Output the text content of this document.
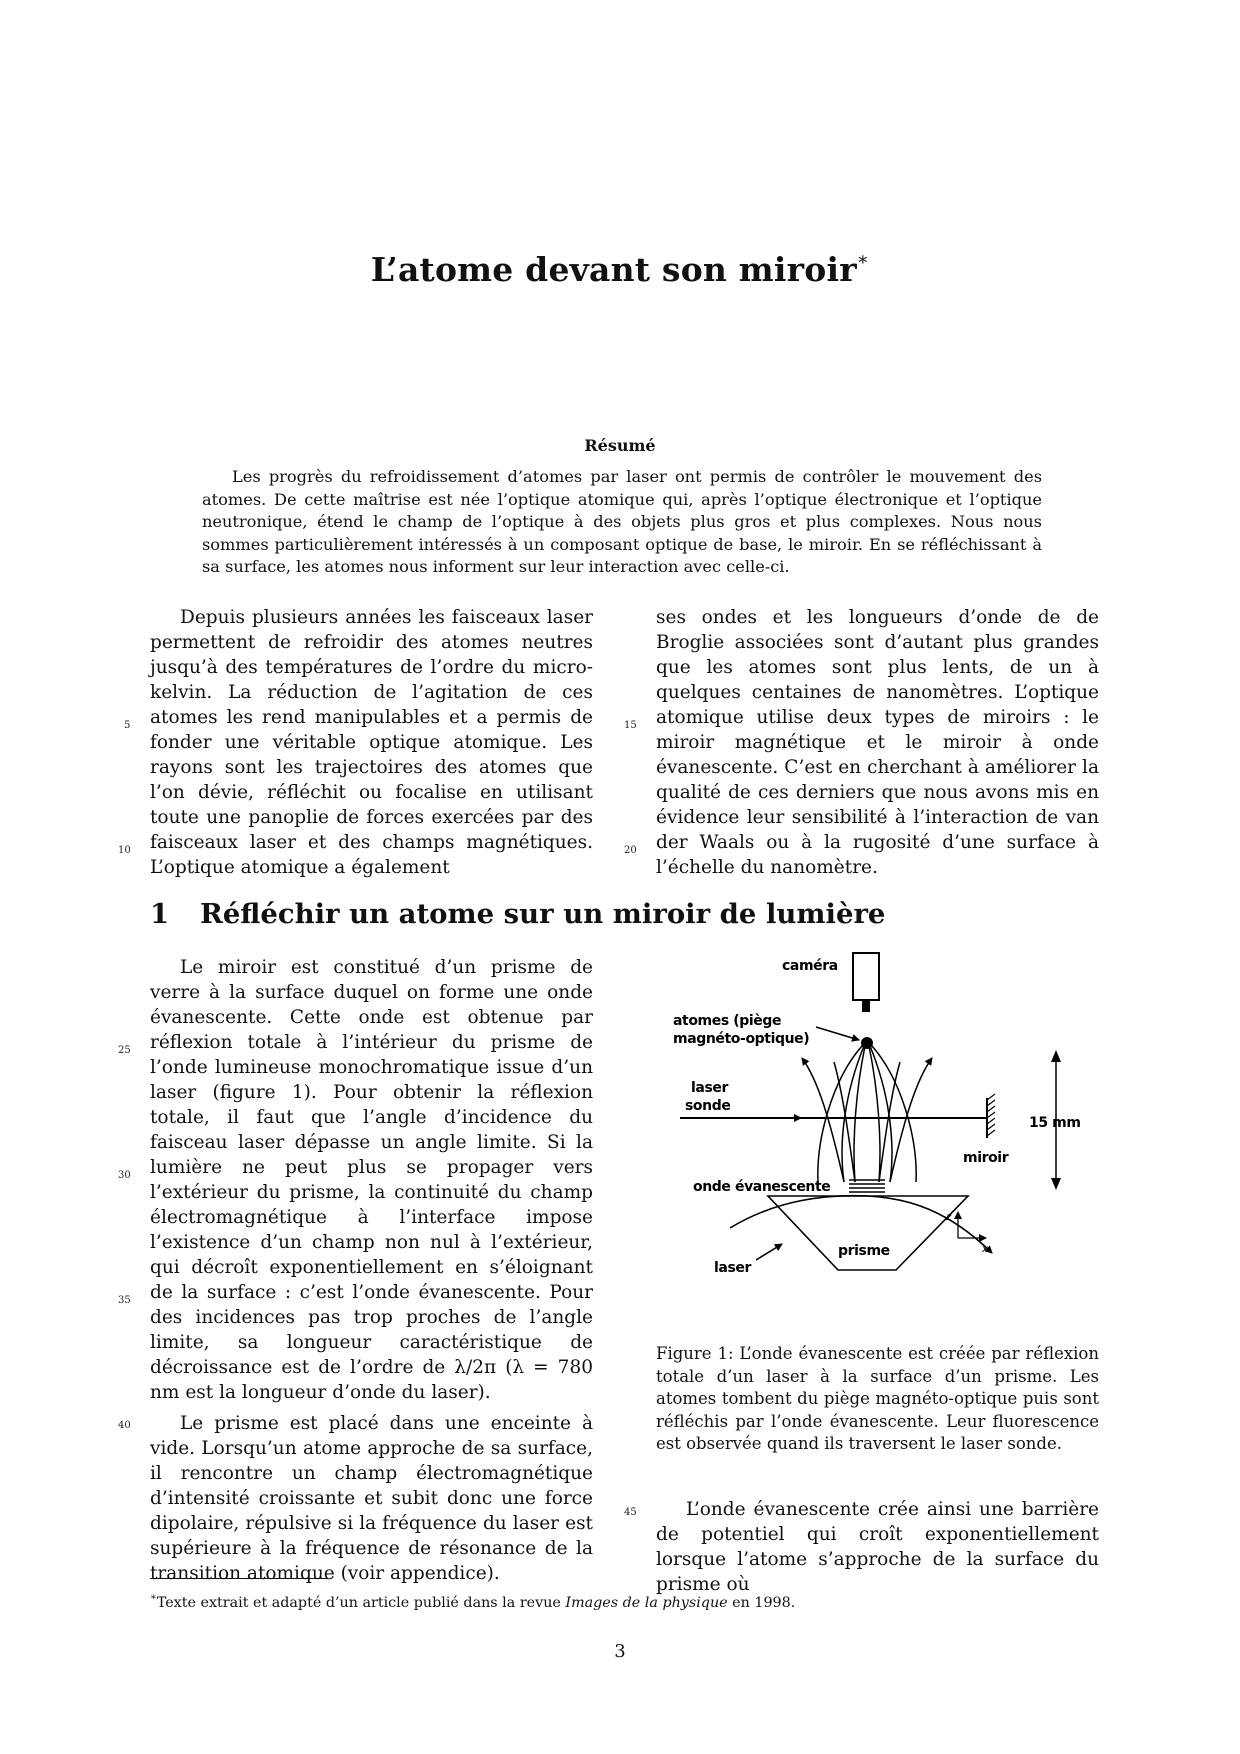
L’atome devant son miroir∗
Résumé

Les progrès du refroidissement d’atomes par laser ont permis de contrôler le mouvement des atomes. De cette maîtrise est née l’optique atomique qui, après l’optique électronique et l’optique neutronique, étend le champ de l’optique à des objets plus gros et plus complexes. Nous nous sommes particulièrement intéressés à un composant optique de base, le miroir. En se réfléchissant à sa surface, les atomes nous informent sur leur interaction avec celle-ci.

Depuis plusieurs années les faisceaux laser permettent de refroidir des atomes neutres jusqu’à des températures de l’ordre du microkelvin. La réduction de l’agitation de ces atomes les rend manipulables et a permis de fonder une véritable optique atomique. Les rayons sont les trajectoires des atomes que l’on dévie, réfléchit ou focalise en utilisant toute une panoplie de forces exercées par des faisceaux laser et des champs magnétiques. L’optique atomique a également

ses ondes et les longueurs d’onde de de Broglie associées sont d’autant plus grandes que les atomes sont plus lents, de un à quelques centaines de nanomètres. L’optique atomique utilise deux types de miroirs : le miroir magnétique et le miroir à onde évanescente. C’est en cherchant à améliorer la qualité de ces derniers que nous avons mis en évidence leur sensibilité à l’interaction de van der Waals ou à la rugosité d’une surface à l’échelle du nanomètre.

1 Réfléchir un atome sur un miroir de lumière

Le miroir est constitué d’un prisme de verre à la surface duquel on forme une onde évanescente. Cette onde est obtenue par réflexion totale à l’intérieur du prisme de l’onde lumineuse monochromatique issue d’un laser (figure 1). Pour obtenir la réflexion totale, il faut que l’angle d’incidence du faisceau laser dépasse un angle limite. Si la lumière ne peut plus se propager vers l’extérieur du prisme, la continuité du champ électromagnétique à l’interface impose l’existence d’un champ non nul à l’extérieur, qui décroît exponentiellement en s’éloignant de la surface : c’est l’onde évanescente. Pour des incidences pas trop proches de l’angle limite, sa longueur caractéristique de décroissance est de l’ordre de λ/2π (λ = 780 nm est la longueur d’onde du laser).

Le prisme est placé dans une enceinte à vide. Lorsqu’un atome approche de sa surface, il rencontre un champ électromagnétique d’intensité croissante et subit donc une force dipolaire, répulsive si la fréquence du laser est supérieure à la fréquence de résonance de la transition atomique (voir appendice).

caméra
atomes (piège
magnéto-optique)
laser
sonde
miroir
15 mm
onde évanescente
prisme
laser
z
x
Figure 1: L’onde évanescente est créée par réflexion totale d’un laser à la surface d’un prisme. Les atomes tombent du piège magnéto-optique puis sont réfléchis par l’onde évanescente. Leur fluorescence est observée quand ils traversent le laser sonde.

L’onde évanescente crée ainsi une barrière de potentiel qui croît exponentiellement lorsque l’atome s’approche de la surface du prisme où

5
10
15
20
25
30
35
40
45
∗Texte extrait et adapté d’un article publié dans la revue Images de la physique en 1998.
3
